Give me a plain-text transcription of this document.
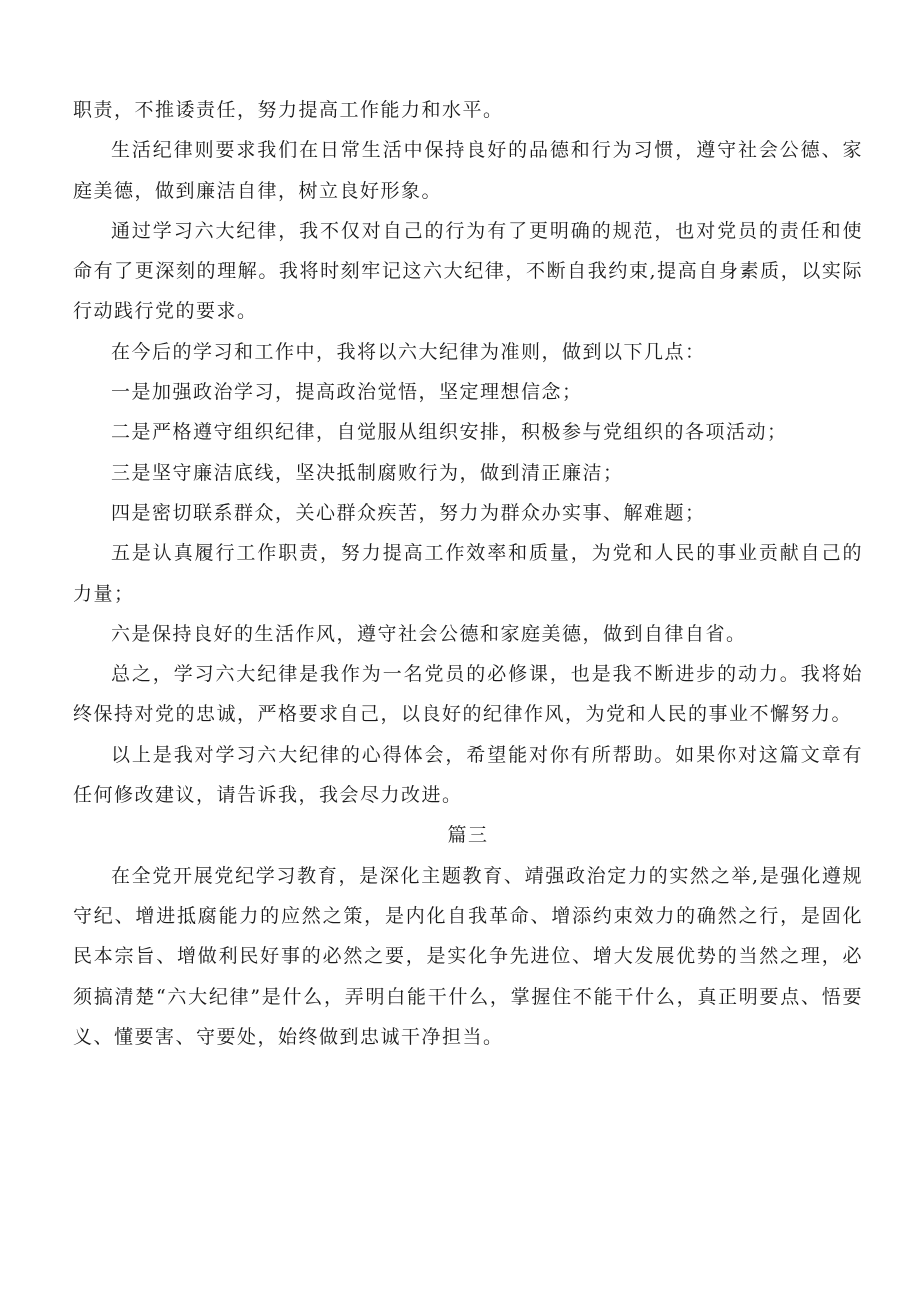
职责，不推诿责任，努力提高工作能力和水平。

生活纪律则要求我们在日常生活中保持良好的品德和行为习惯，遵守社会公德、家庭美德，做到廉洁自律，树立良好形象。

通过学习六大纪律，我不仅对自己的行为有了更明确的规范，也对党员的责任和使命有了更深刻的理解。我将时刻牢记这六大纪律，不断自我约束,提高自身素质，以实际行动践行党的要求。

在今后的学习和工作中，我将以六大纪律为准则，做到以下几点：

一是加强政治学习，提高政治觉悟，坚定理想信念；

二是严格遵守组织纪律，自觉服从组织安排，积极参与党组织的各项活动；

三是坚守廉洁底线，坚决抵制腐败行为，做到清正廉洁；

四是密切联系群众，关心群众疾苦，努力为群众办实事、解难题；

五是认真履行工作职责，努力提高工作效率和质量，为党和人民的事业贡献自己的力量；

六是保持良好的生活作风，遵守社会公德和家庭美德，做到自律自省。

总之，学习六大纪律是我作为一名党员的必修课，也是我不断进步的动力。我将始终保持对党的忠诚，严格要求自己，以良好的纪律作风，为党和人民的事业不懈努力。

以上是我对学习六大纪律的心得体会，希望能对你有所帮助。如果你对这篇文章有任何修改建议，请告诉我，我会尽力改进。

篇三

在全党开展党纪学习教育，是深化主题教育、靖强政治定力的实然之举,是强化遵规守纪、增进抵腐能力的应然之策，是内化自我革命、增添约束效力的确然之行，是固化民本宗旨、增做利民好事的必然之要，是实化争先进位、增大发展优势的当然之理，必须搞清楚“六大纪律”是什么，弄明白能干什么，掌握住不能干什么，真正明要点、悟要义、懂要害、守要处，始终做到忠诚干净担当。
